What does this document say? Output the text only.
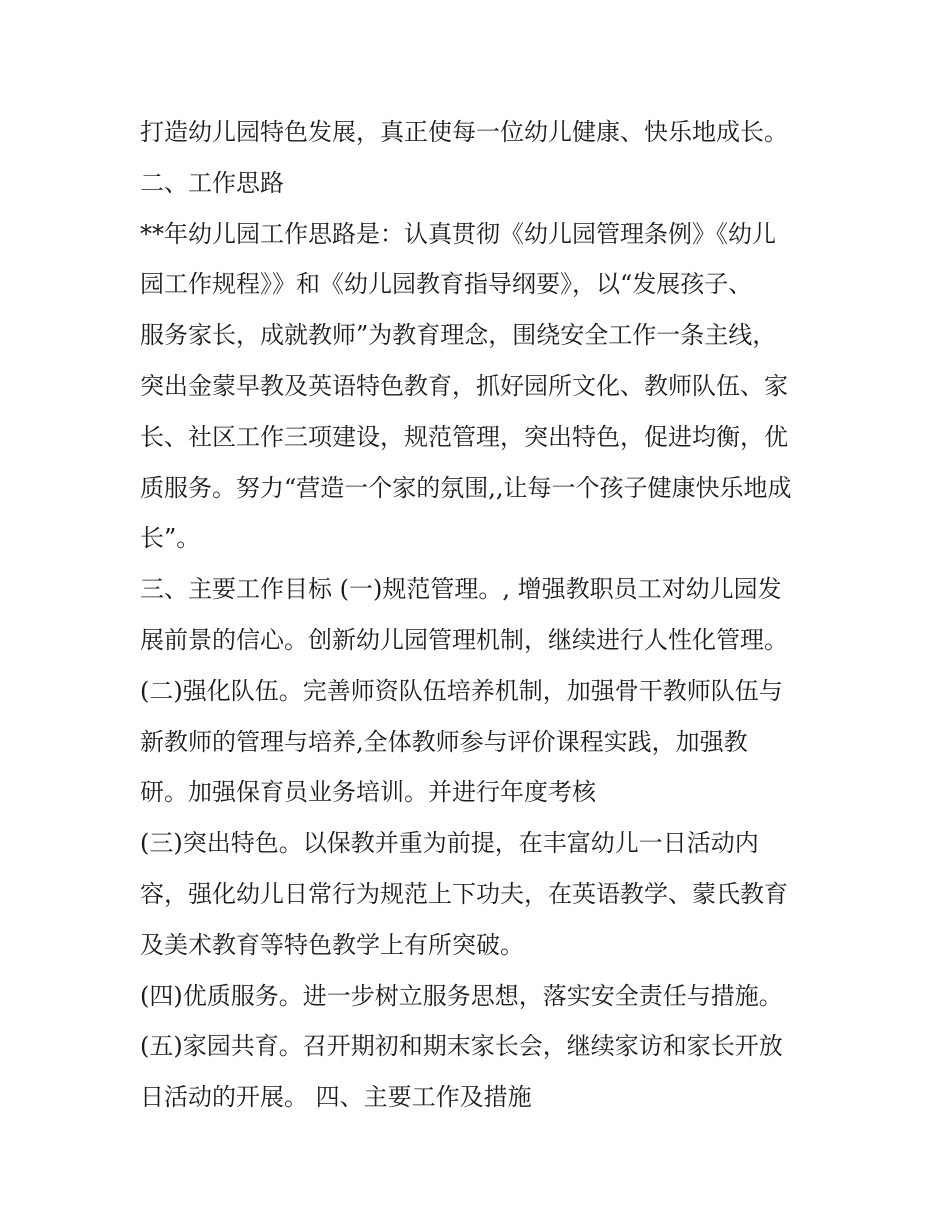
打造幼儿园特色发展，真正使每一位幼儿健康、快乐地成长。
二、工作思路
**年幼儿园工作思路是：认真贯彻《幼儿园管理条例》《幼儿
园工作规程》》和《幼儿园教育指导纲要》，以“发展孩子、
服务家长，成就教师”为教育理念，围绕安全工作一条主线，
突出金蒙早教及英语特色教育，抓好园所文化、教师队伍、家
长、社区工作三项建设，规范管理，突出特色，促进均衡，优
质服务。努力“营造一个家的氛围,,让每一个孩子健康快乐地成
长”。
三、主要工作目标 (一)规范管理。, 增强教职员工对幼儿园发
展前景的信心。创新幼儿园管理机制，继续进行人性化管理。
(二)强化队伍。完善师资队伍培养机制，加强骨干教师队伍与
新教师的管理与培养,全体教师参与评价课程实践，加强教
研。加强保育员业务培训。并进行年度考核
(三)突出特色。以保教并重为前提，在丰富幼儿一日活动内
容，强化幼儿日常行为规范上下功夫，在英语教学、蒙氏教育
及美术教育等特色教学上有所突破。
(四)优质服务。进一步树立服务思想，落实安全责任与措施。
(五)家园共育。召开期初和期末家长会，继续家访和家长开放
日活动的开展。 四、主要工作及措施
